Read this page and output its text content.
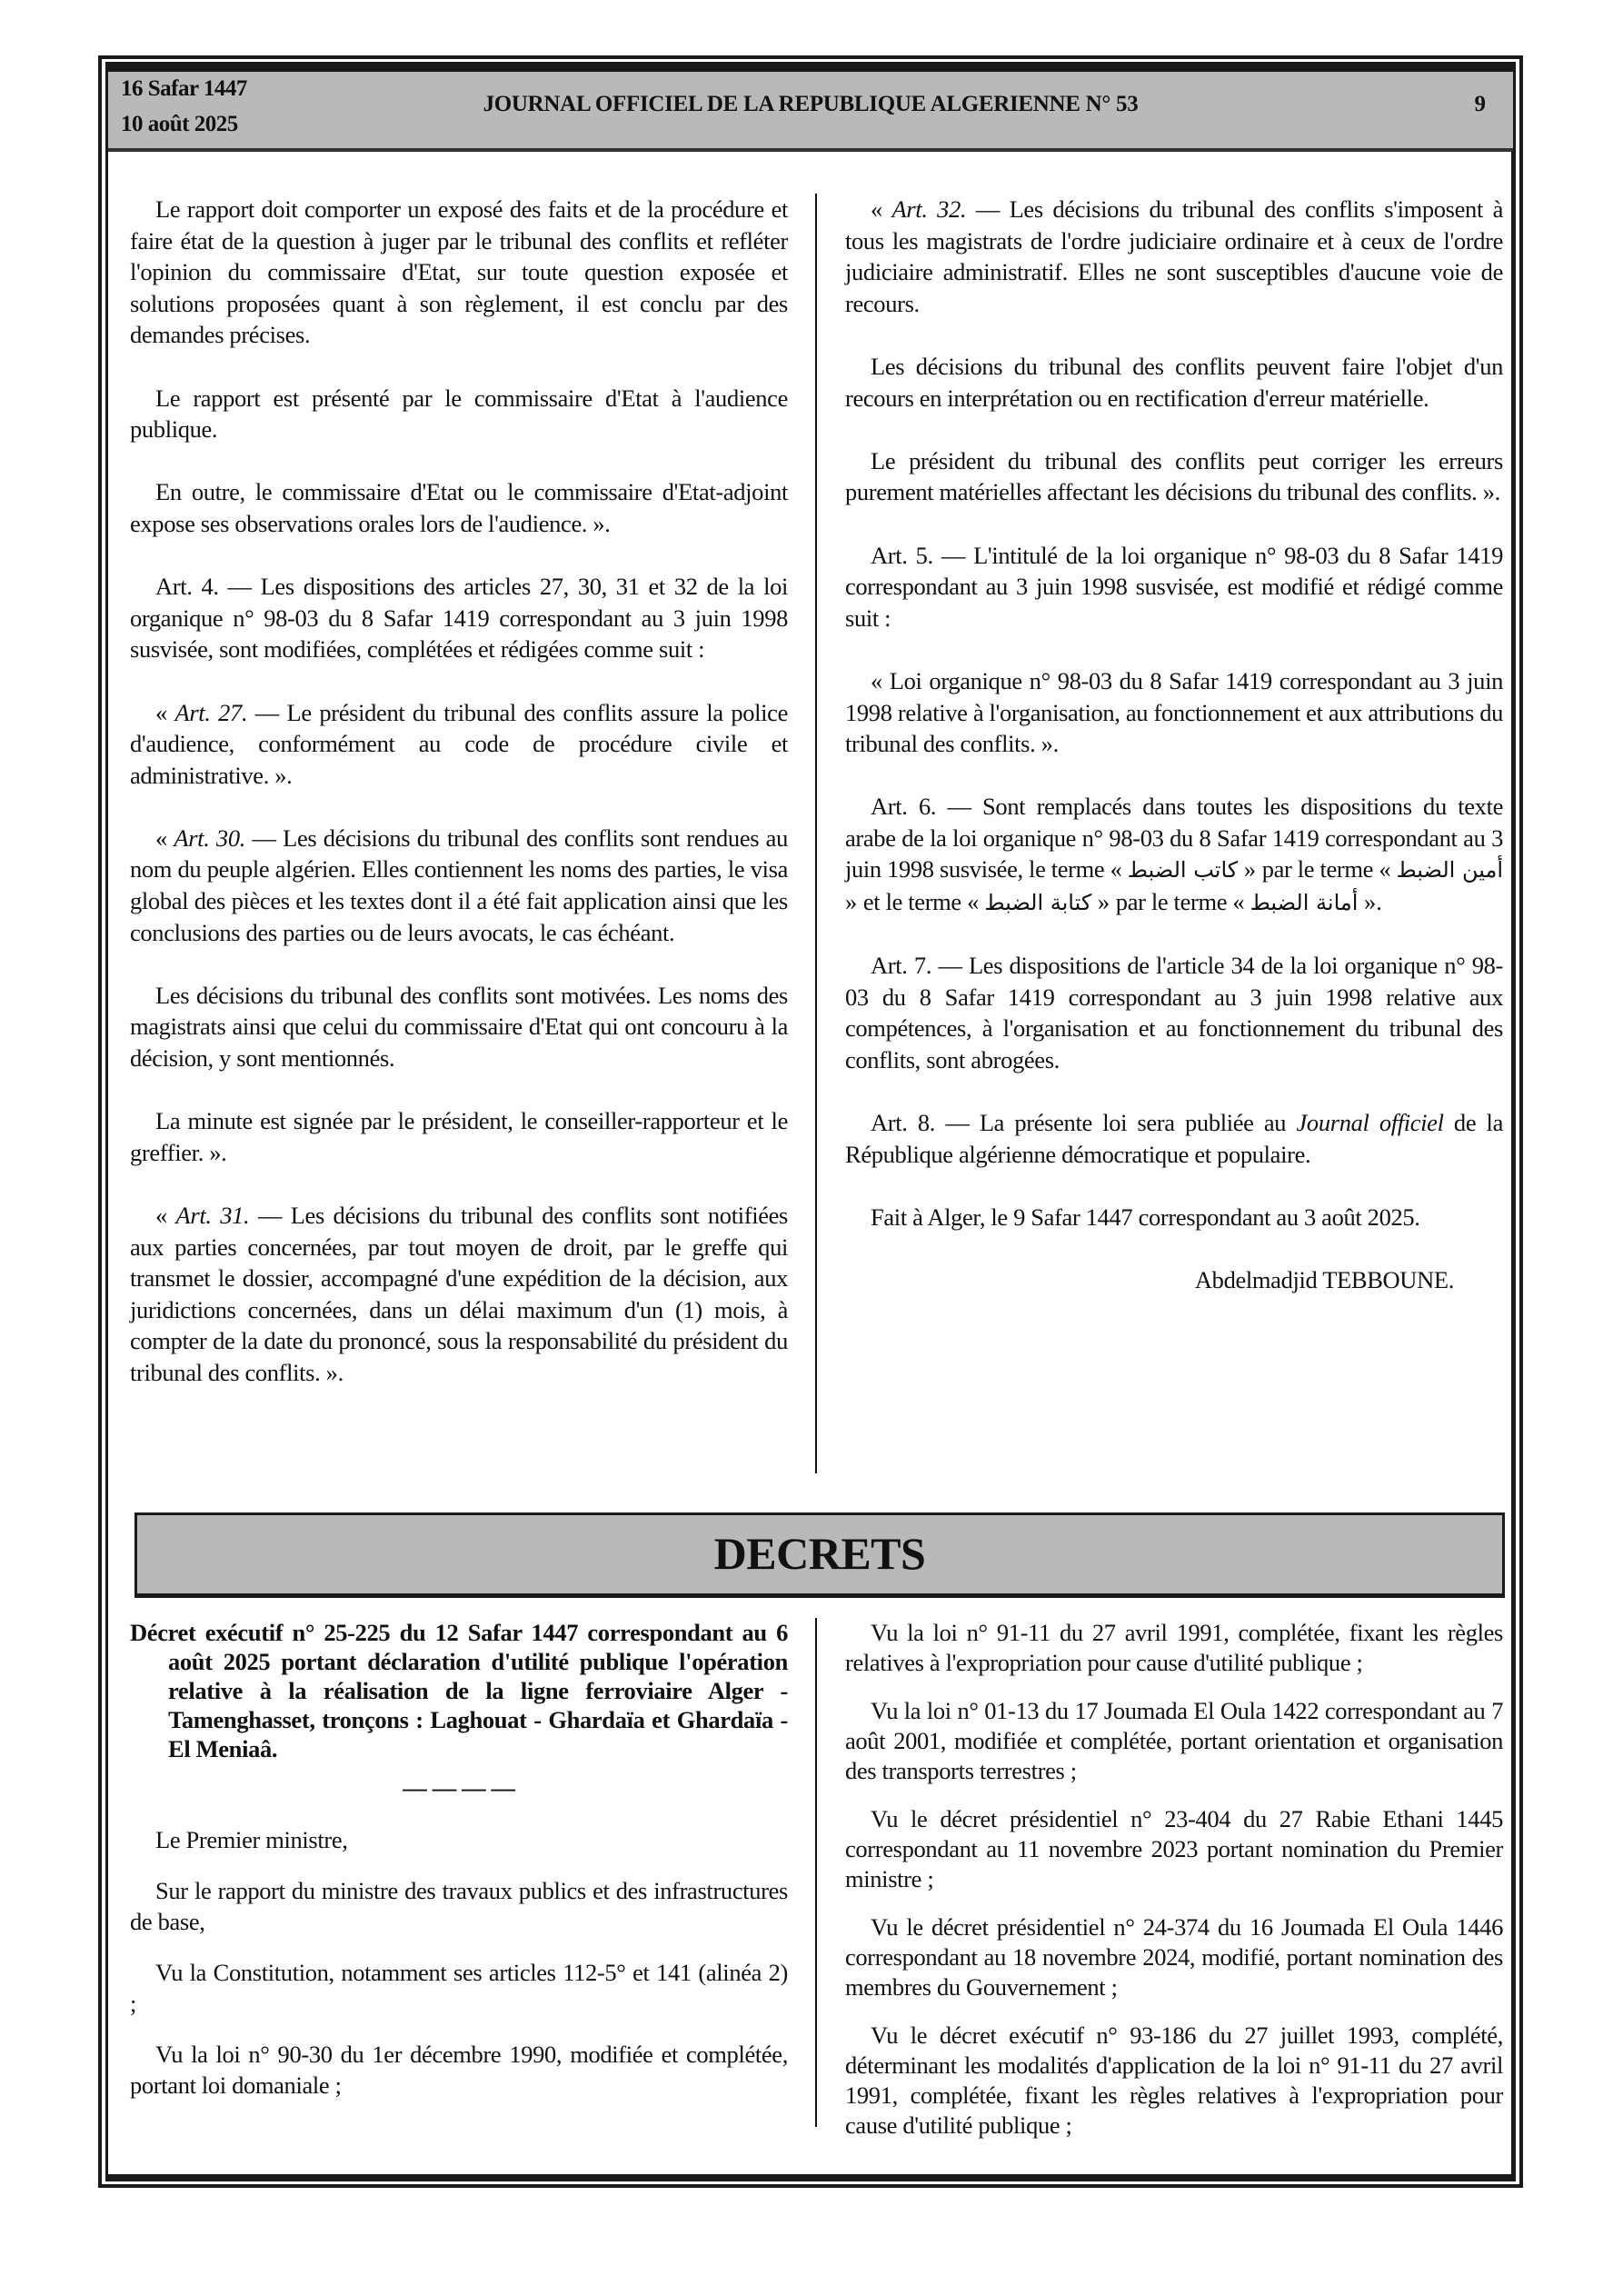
16 Safar 1447
10 août 2025
JOURNAL OFFICIEL DE LA REPUBLIQUE ALGERIENNE N° 53	9

Le rapport doit comporter un exposé des faits et de la procédure et faire état de la question à juger par le tribunal des conflits et refléter l'opinion du commissaire d'Etat, sur toute question exposée et solutions proposées quant à son règlement, il est conclu par des demandes précises.

Le rapport est présenté par le commissaire d'Etat à l'audience publique.

En outre, le commissaire d'Etat ou le commissaire d'Etat-adjoint expose ses observations orales lors de l'audience. ».

Art. 4. — Les dispositions des articles 27, 30, 31 et 32 de la loi organique n° 98-03 du 8 Safar 1419 correspondant au 3 juin 1998 susvisée, sont modifiées, complétées et rédigées comme suit :

« Art. 27. — Le président du tribunal des conflits assure la police d'audience, conformément au code de procédure civile et administrative. ».

« Art. 30. — Les décisions du tribunal des conflits sont rendues au nom du peuple algérien. Elles contiennent les noms des parties, le visa global des pièces et les textes dont il a été fait application ainsi que les conclusions des parties ou de leurs avocats, le cas échéant.

Les décisions du tribunal des conflits sont motivées. Les noms des magistrats ainsi que celui du commissaire d'Etat qui ont concouru à la décision, y sont mentionnés.

La minute est signée par le président, le conseiller-rapporteur et le greffier. ».

« Art. 31. — Les décisions du tribunal des conflits sont notifiées aux parties concernées, par tout moyen de droit, par le greffe qui transmet le dossier, accompagné d'une expédition de la décision, aux juridictions concernées, dans un délai maximum d'un (1) mois, à compter de la date du prononcé, sous la responsabilité du président du tribunal des conflits. ».

« Art. 32. — Les décisions du tribunal des conflits s'imposent à tous les magistrats de l'ordre judiciaire ordinaire et à ceux de l'ordre judiciaire administratif. Elles ne sont susceptibles d'aucune voie de recours.

Les décisions du tribunal des conflits peuvent faire l'objet d'un recours en interprétation ou en rectification d'erreur matérielle.

Le président du tribunal des conflits peut corriger les erreurs purement matérielles affectant les décisions du tribunal des conflits. ».

Art. 5. — L'intitulé de la loi organique n° 98-03 du 8 Safar 1419 correspondant au 3 juin 1998 susvisée, est modifié et rédigé comme suit :

« Loi organique n° 98-03 du 8 Safar 1419 correspondant au 3 juin 1998 relative à l'organisation, au fonctionnement et aux attributions du tribunal des conflits. ».

Art. 6. — Sont remplacés dans toutes les dispositions du texte arabe de la loi organique n° 98-03 du 8 Safar 1419 correspondant au 3 juin 1998 susvisée, le terme « كاتب الضبط » par le terme « أمين الضبط » et le terme « كتابة الضبط » par le terme « أمانة الضبط ».

Art. 7. — Les dispositions de l'article 34 de la loi organique n° 98-03 du 8 Safar 1419 correspondant au 3 juin 1998 relative aux compétences, à l'organisation et au fonctionnement du tribunal des conflits, sont abrogées.

Art. 8. — La présente loi sera publiée au Journal officiel de la République algérienne démocratique et populaire.

Fait à Alger, le 9 Safar 1447 correspondant au 3 août 2025.

Abdelmadjid TEBBOUNE.

DECRETS

Décret exécutif n° 25-225 du 12 Safar 1447 correspondant au 6 août 2025 portant déclaration d'utilité publique l'opération relative à la réalisation de la ligne ferroviaire Alger - Tamenghasset, tronçons : Laghouat - Ghardaïa et Ghardaïa - El Meniaâ.

— — — —

Le Premier ministre,

Sur le rapport du ministre des travaux publics et des infrastructures de base,

Vu la Constitution, notamment ses articles 112-5° et 141 (alinéa 2) ;

Vu la loi n° 90-30 du 1er décembre 1990, modifiée et complétée, portant loi domaniale ;

Vu la loi n° 91-11 du 27 avril 1991, complétée, fixant les règles relatives à l'expropriation pour cause d'utilité publique ;

Vu la loi n° 01-13 du 17 Joumada El Oula 1422 correspondant au 7 août 2001, modifiée et complétée, portant orientation et organisation des transports terrestres ;

Vu le décret présidentiel n° 23-404 du 27 Rabie Ethani 1445 correspondant au 11 novembre 2023 portant nomination du Premier ministre ;

Vu le décret présidentiel n° 24-374 du 16 Joumada El Oula 1446 correspondant au 18 novembre 2024, modifié, portant nomination des membres du Gouvernement ;

Vu le décret exécutif n° 93-186 du 27 juillet 1993, complété, déterminant les modalités d'application de la loi n° 91-11 du 27 avril 1991, complétée, fixant les règles relatives à l'expropriation pour cause d'utilité publique ;
